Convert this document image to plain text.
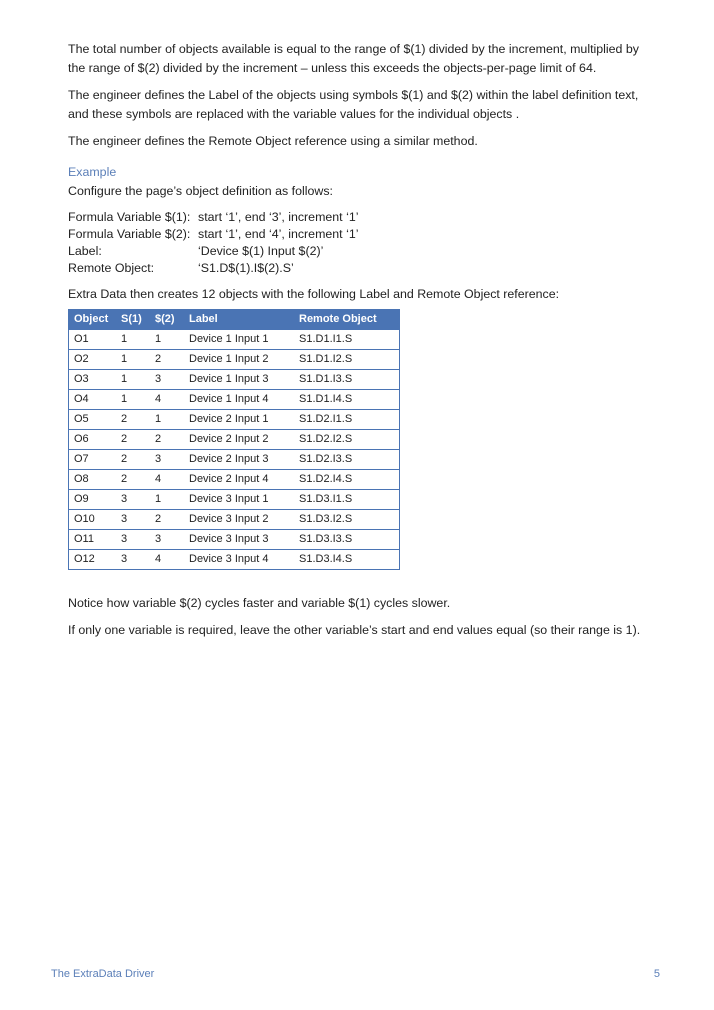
The total number of objects available is equal to the range of $(1) divided by the increment, multiplied by the range of $(2) divided by the increment – unless this exceeds the objects-per-page limit of 64.

The engineer defines the Label of the objects using symbols $(1) and $(2) within the label definition text, and these symbols are replaced with the variable values for the individual objects .

The engineer defines the Remote Object reference using a similar method.

Example
Configure the page’s object definition as follows:
Formula Variable $(1): start ‘1’, end ‘3’, increment ‘1’
Formula Variable $(2): start ‘1’, end ‘4’, increment ‘1’
Label:	‘Device $(1) Input $(2)’
Remote Object:	‘S1.D$(1).I$(2).S’
Extra Data then creates 12 objects with the following Label and Remote Object reference:
Object	S(1)	$(2)	Label	Remote Object
O1	1	1	Device 1 Input 1	S1.D1.I1.S
O2	1	2	Device 1 Input 2	S1.D1.I2.S
O3	1	3	Device 1 Input 3	S1.D1.I3.S
O4	1	4	Device 1 Input 4	S1.D1.I4.S
O5	2	1	Device 2 Input 1	S1.D2.I1.S
O6	2	2	Device 2 Input 2	S1.D2.I2.S
O7	2	3	Device 2 Input 3	S1.D2.I3.S
O8	2	4	Device 2 Input 4	S1.D2.I4.S
O9	3	1	Device 3 Input 1	S1.D3.I1.S
O10	3	2	Device 3 Input 2	S1.D3.I2.S
O11	3	3	Device 3 Input 3	S1.D3.I3.S
O12	3	4	Device 3 Input 4	S1.D3.I4.S

Notice how variable $(2) cycles faster and variable $(1) cycles slower.

If only one variable is required, leave the other variable’s start and end values equal (so their range is 1).

The ExtraData Driver	5
